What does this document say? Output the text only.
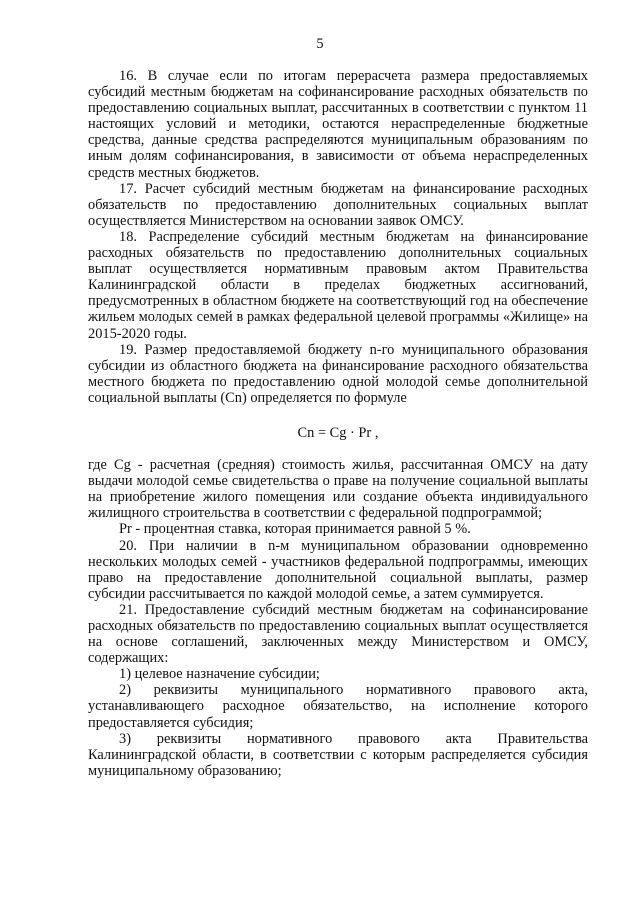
5

16. В случае если по итогам перерасчета размера предоставляемых субсидий местным бюджетам на софинансирование расходных обязательств по предоставлению социальных выплат, рассчитанных в соответствии с пунктом 11 настоящих условий и методики, остаются нераспределенные бюджетные средства, данные средства распределяются муниципальным образованиям по иным долям софинансирования, в зависимости от объема нераспределенных средств местных бюджетов.

17. Расчет субсидий местным бюджетам на финансирование расходных обязательств по предоставлению дополнительных социальных выплат осуществляется Министерством на основании заявок ОМСУ.

18. Распределение субсидий местным бюджетам на финансирование расходных обязательств по предоставлению дополнительных социальных выплат осуществляется нормативным правовым актом Правительства Калининградской области в пределах бюджетных ассигнований, предусмотренных в областном бюджете на соответствующий год на обеспечение жильем молодых семей в рамках федеральной целевой программы «Жилище» на 2015-2020 годы.

19. Размер предоставляемой бюджету n-го муниципального образования субсидии из областного бюджета на финансирование расходного обязательства местного бюджета по предоставлению одной молодой семье дополнительной социальной выплаты (Cn) определяется по формуле

Cn = Cg · Pr ,

где Cg - расчетная (средняя) стоимость жилья, рассчитанная ОМСУ на дату выдачи молодой семье свидетельства о праве на получение социальной выплаты на приобретение жилого помещения или создание объекта индивидуального жилищного строительства в соответствии с федеральной подпрограммой;

Pr - процентная ставка, которая принимается равной 5 %.

20. При наличии в n-м муниципальном образовании одновременно нескольких молодых семей - участников федеральной подпрограммы, имеющих право на предоставление дополнительной социальной выплаты, размер субсидии рассчитывается по каждой молодой семье, а затем суммируется.

21. Предоставление субсидий местным бюджетам на софинансирование расходных обязательств по предоставлению социальных выплат осуществляется на основе соглашений, заключенных между Министерством и ОМСУ, содержащих:

1) целевое назначение субсидии;

2) реквизиты муниципального нормативного правового акта, устанавливающего расходное обязательство, на исполнение которого предоставляется субсидия;

3) реквизиты нормативного правового акта Правительства Калининградской области, в соответствии с которым распределяется субсидия муниципальному образованию;
